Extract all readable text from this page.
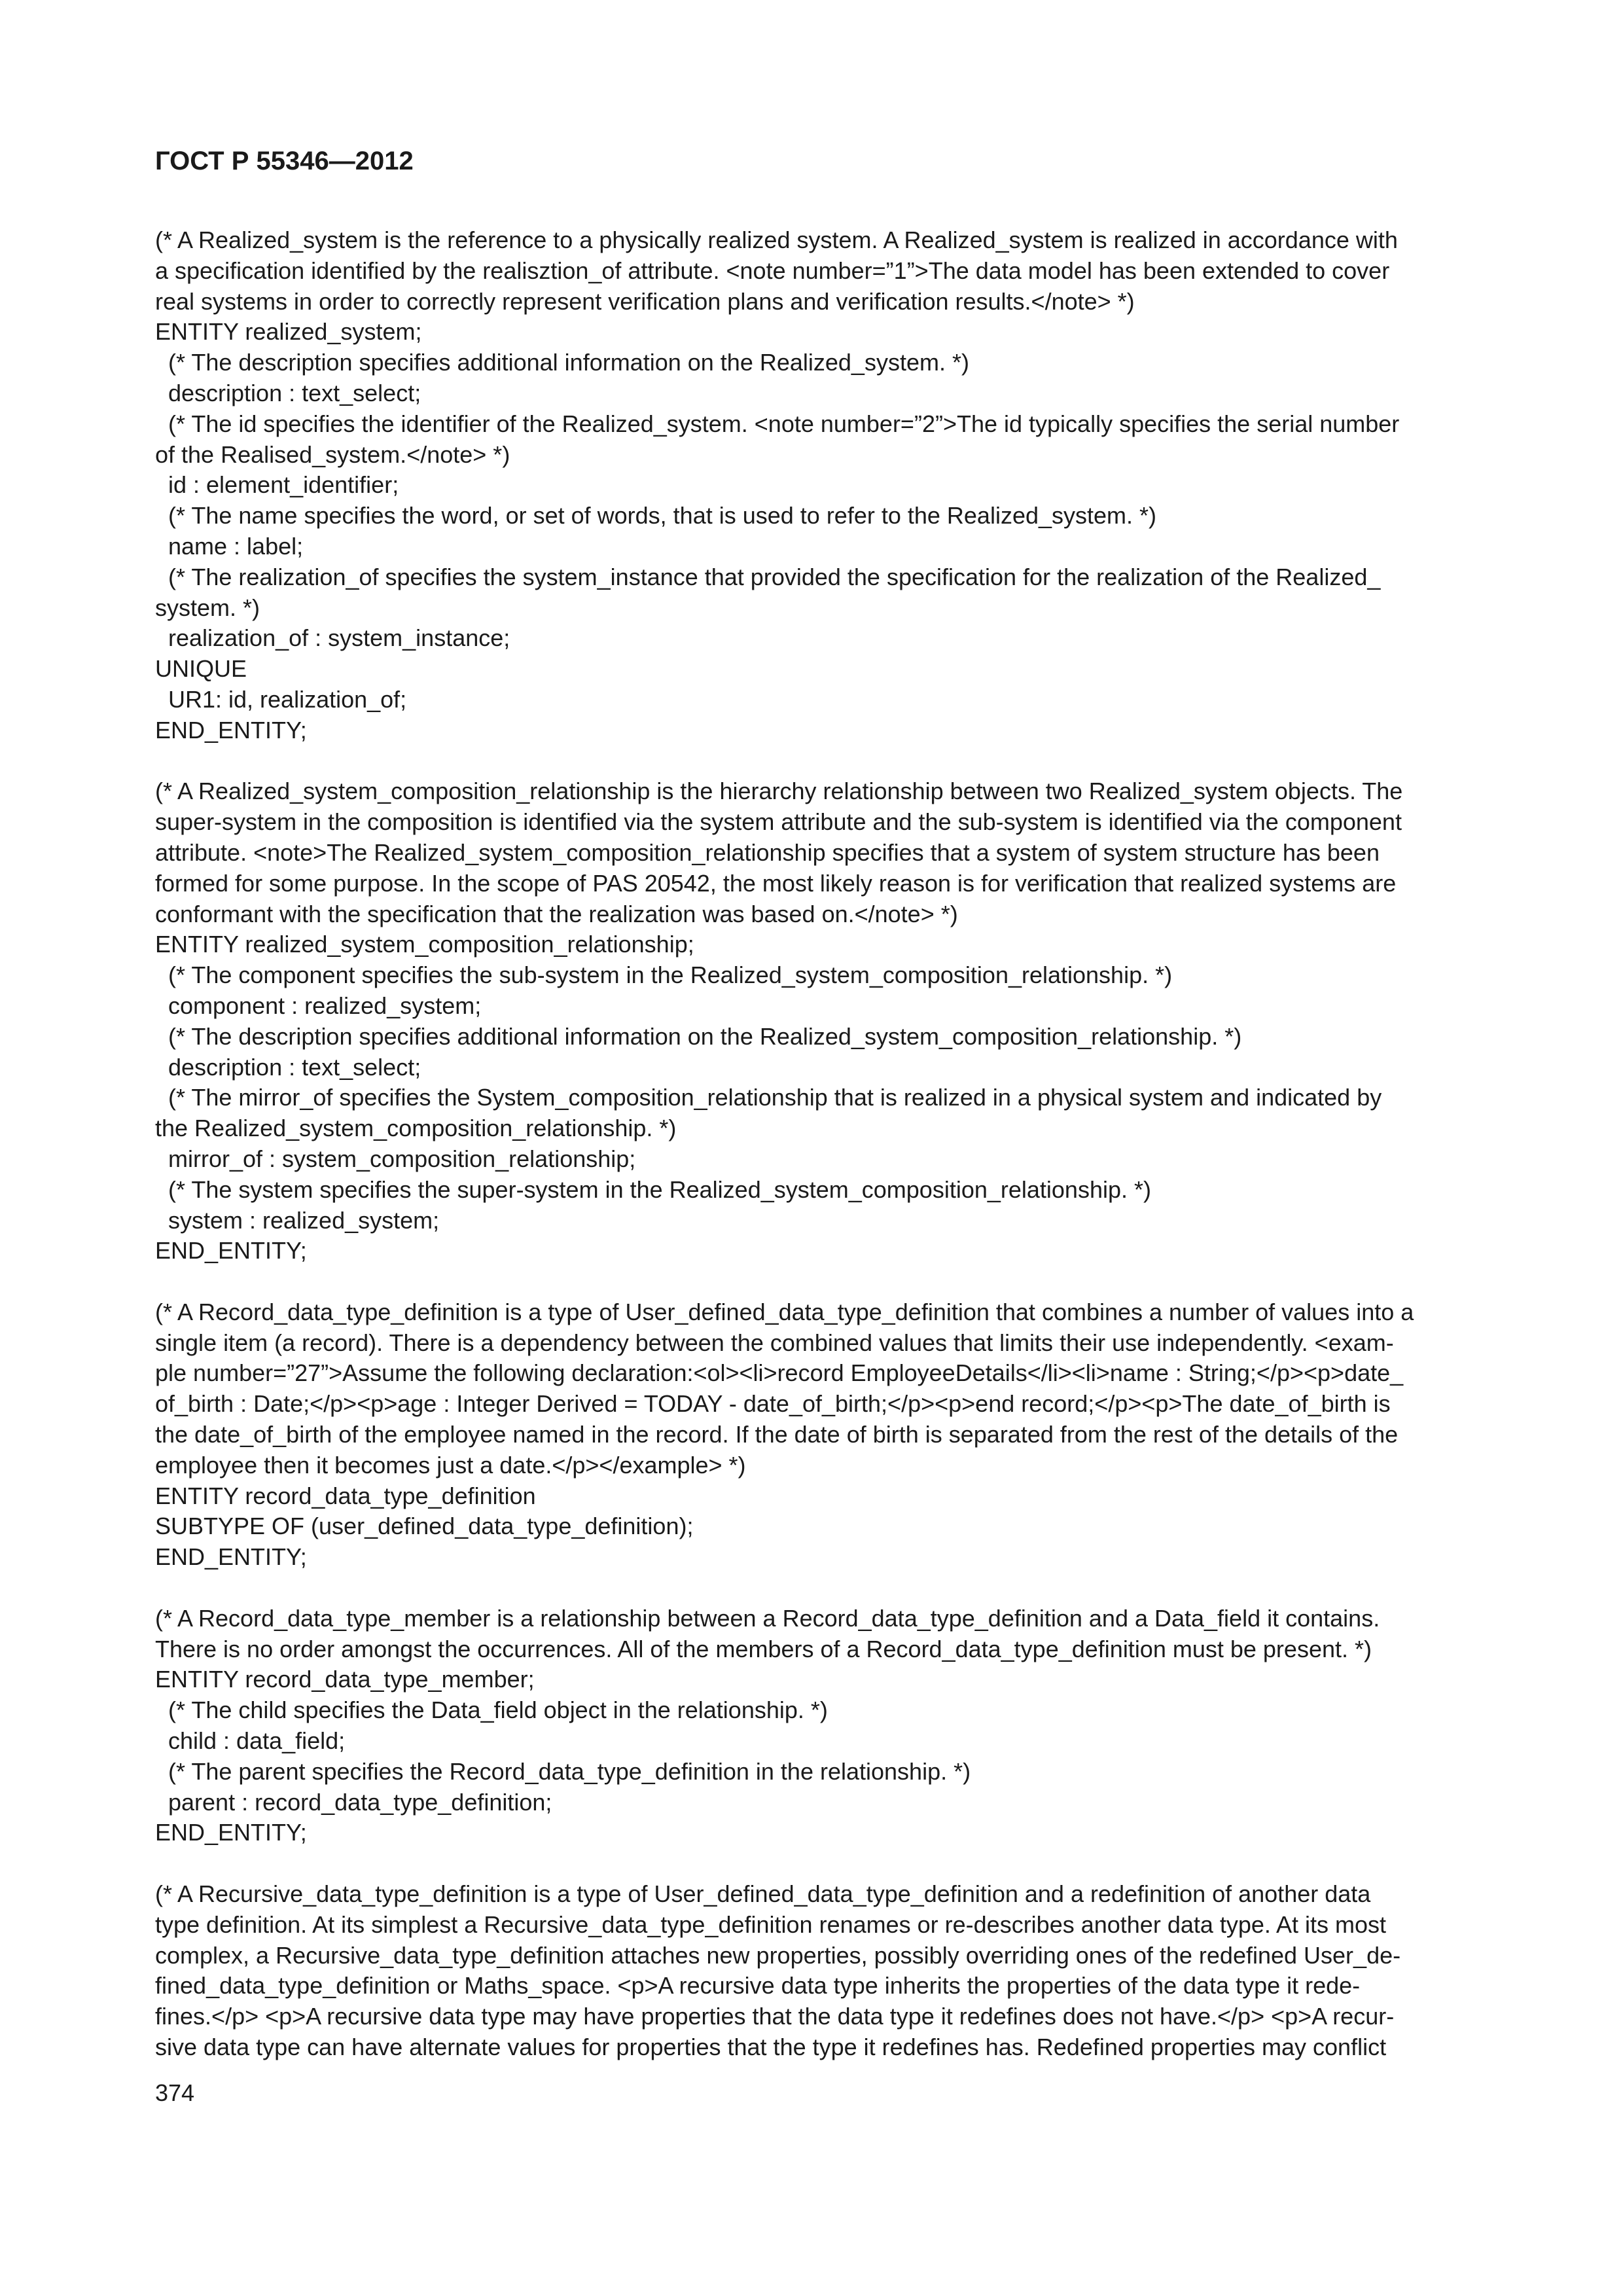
ГОСТ Р 55346—2012
(* A Realized_system is the reference to a physically realized system. A Realized_system is realized in accordance with
a specification identified by the realisztion_of attribute. <note number=”1”>The data model has been extended to cover
real systems in order to correctly represent verification plans and verification results.</note> *)
ENTITY realized_system;
(* The description specifies additional information on the Realized_system. *)
description : text_select;
(* The id specifies the identifier of the Realized_system. <note number=”2”>The id typically specifies the serial number
of the Realised_system.</note> *)
id : element_identifier;
(* The name specifies the word, or set of words, that is used to refer to the Realized_system. *)
name : label;
(* The realization_of specifies the system_instance that provided the specification for the realization of the Realized_
system. *)
realization_of : system_instance;
UNIQUE
UR1: id, realization_of;
END_ENTITY;
(* A Realized_system_composition_relationship is the hierarchy relationship between two Realized_system objects. The
super-system in the composition is identified via the system attribute and the sub-system is identified via the component
attribute. <note>The Realized_system_composition_relationship specifies that a system of system structure has been
formed for some purpose. In the scope of PAS 20542, the most likely reason is for verification that realized systems are
conformant with the specification that the realization was based on.</note> *)
ENTITY realized_system_composition_relationship;
(* The component specifies the sub-system in the Realized_system_composition_relationship. *)
component : realized_system;
(* The description specifies additional information on the Realized_system_composition_relationship. *)
description : text_select;
(* The mirror_of specifies the System_composition_relationship that is realized in a physical system and indicated by
the Realized_system_composition_relationship. *)
mirror_of : system_composition_relationship;
(* The system specifies the super-system in the Realized_system_composition_relationship. *)
system : realized_system;
END_ENTITY;
(* A Record_data_type_definition is a type of User_defined_data_type_definition that combines a number of values into a
single item (a record). There is a dependency between the combined values that limits their use independently. <exam-
ple number=”27”>Assume the following declaration:<ol><li>record EmployeeDetails</li><li>name : String;</p><p>date_
of_birth : Date;</p><p>age : Integer Derived = TODAY - date_of_birth;</p><p>end record;</p><p>The date_of_birth is
the date_of_birth of the employee named in the record. If the date of birth is separated from the rest of the details of the
employee then it becomes just a date.</p></example> *)
ENTITY record_data_type_definition
SUBTYPE OF (user_defined_data_type_definition);
END_ENTITY;
(* A Record_data_type_member is a relationship between a Record_data_type_definition and a Data_field it contains.
There is no order amongst the occurrences. All of the members of a Record_data_type_definition must be present. *)
ENTITY record_data_type_member;
(* The child specifies the Data_field object in the relationship. *)
child : data_field;
(* The parent specifies the Record_data_type_definition in the relationship. *)
parent : record_data_type_definition;
END_ENTITY;
(* A Recursive_data_type_definition is a type of User_defined_data_type_definition and a redefinition of another data
type definition. At its simplest a Recursive_data_type_definition renames or re-describes another data type. At its most
complex, a Recursive_data_type_definition attaches new properties, possibly overriding ones of the redefined User_de-
fined_data_type_definition or Maths_space. <p>A recursive data type inherits the properties of the data type it rede-
fines.</p> <p>A recursive data type may have properties that the data type it redefines does not have.</p> <p>A recur-
sive data type can have alternate values for properties that the type it redefines has. Redefined properties may conflict
374
